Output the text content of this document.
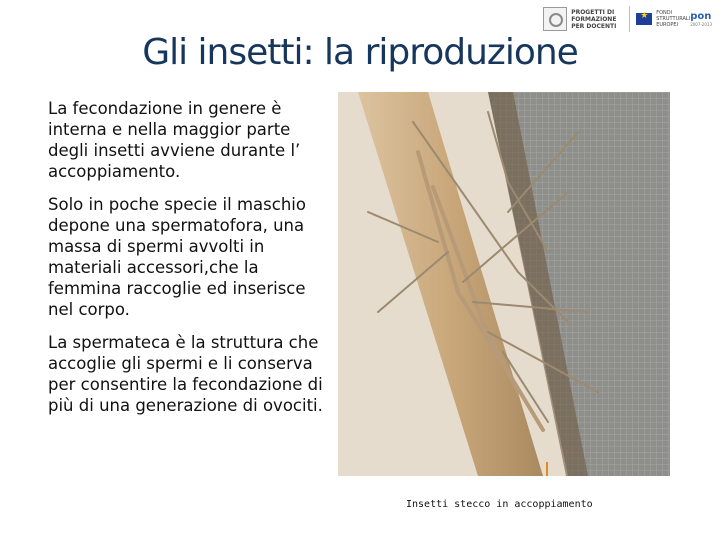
PROGETTI DI FORMAZIONE PER DOCENTI
★
FONDI STRUTTURALI EUROPEI
pon
2007-2013
Gli insetti: la riproduzione

La fecondazione in genere è interna e nella maggior parte degli insetti avviene durante l’ accoppiamento.

Solo in poche specie il maschio depone una spermatofora, una massa di spermi avvolti in materiali accessori,che la femmina raccoglie ed inserisce nel corpo.

La spermateca è la struttura che accoglie gli spermi e li conserva per consentire la fecondazione di più di una generazione di ovociti.

Insetti stecco in accoppiamento
